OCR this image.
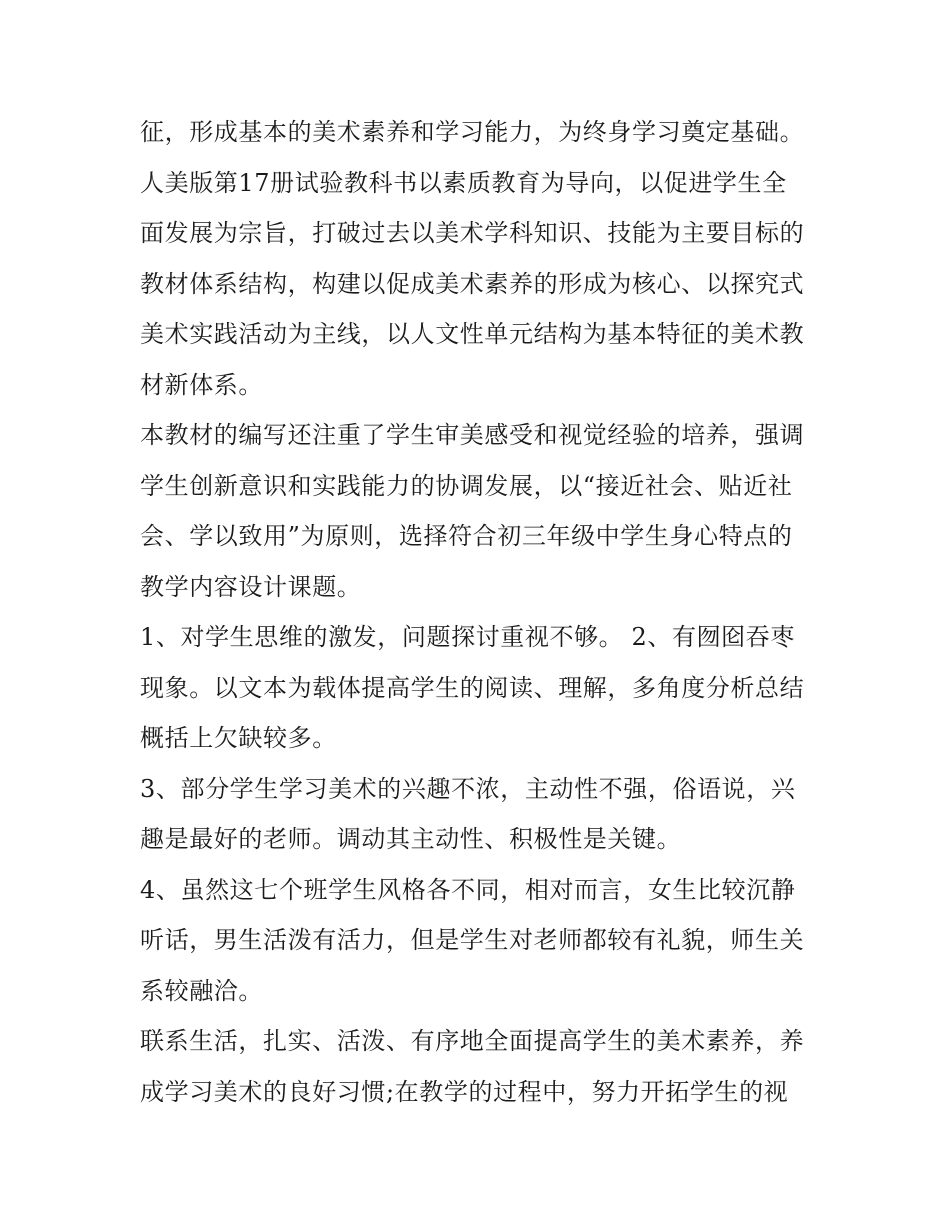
征，形成基本的美术素养和学习能力，为终身学习奠定基础。
人美版第17册试验教科书以素质教育为导向，以促进学生全
面发展为宗旨，打破过去以美术学科知识、技能为主要目标的
教材体系结构，构建以促成美术素养的形成为核心、以探究式
美术实践活动为主线，以人文性单元结构为基本特征的美术教
材新体系。
本教材的编写还注重了学生审美感受和视觉经验的培养，强调
学生创新意识和实践能力的协调发展，以“接近社会、贴近社
会、学以致用”为原则，选择符合初三年级中学生身心特点的
教学内容设计课题。
1、对学生思维的激发，问题探讨重视不够。 2、有囫囵吞枣
现象。以文本为载体提高学生的阅读、理解，多角度分析总结
概括上欠缺较多。
3、部分学生学习美术的兴趣不浓，主动性不强，俗语说，兴
趣是最好的老师。调动其主动性、积极性是关键。
4、虽然这七个班学生风格各不同，相对而言，女生比较沉静
听话，男生活泼有活力，但是学生对老师都较有礼貌，师生关
系较融洽。
联系生活，扎实、活泼、有序地全面提高学生的美术素养，养
成学习美术的良好习惯;在教学的过程中，努力开拓学生的视
